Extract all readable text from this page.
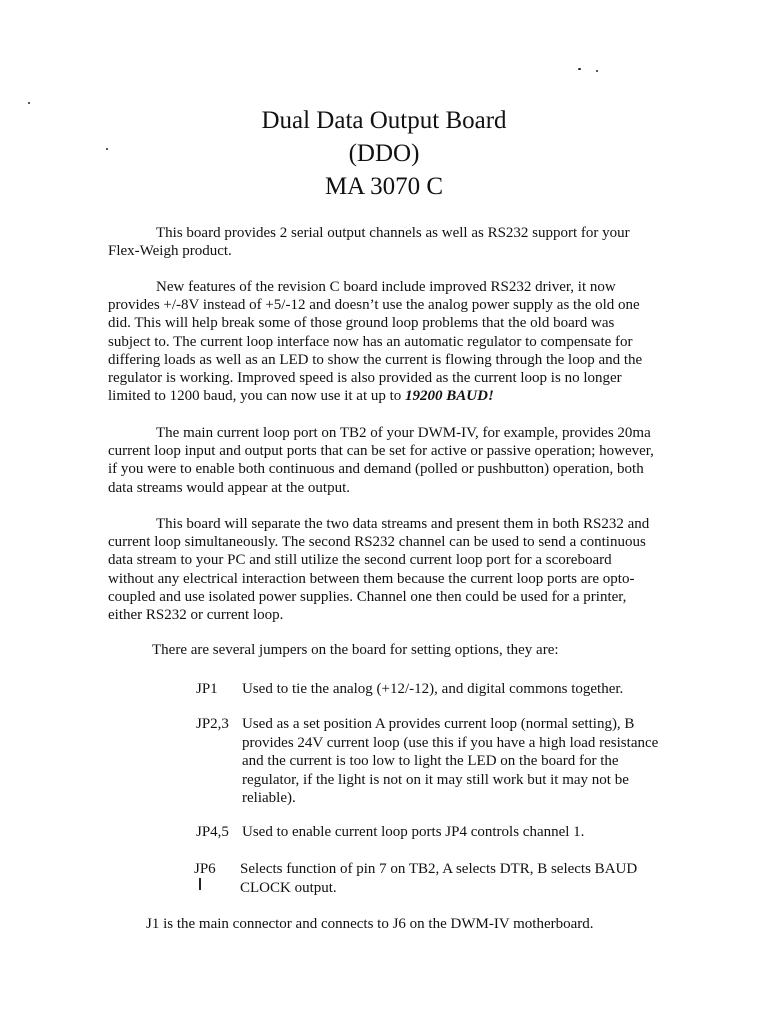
Dual Data Output Board
(DDO)
MA 3070 C
This board provides 2 serial output channels as well as RS232 support for your Flex-Weigh product.
New features of the revision C board include improved RS232 driver, it now provides +/-8V instead of +5/-12 and doesn’t use the analog power supply as the old one did. This will help break some of those ground loop problems that the old board was subject to. The current loop interface now has an automatic regulator to compensate for differing loads as well as an LED to show the current is flowing through the loop and the regulator is working. Improved speed is also provided as the current loop is no longer limited to 1200 baud, you can now use it at up to 19200 BAUD!
The main current loop port on TB2 of your DWM-IV, for example, provides 20ma current loop input and output ports that can be set for active or passive operation; however, if you were to enable both continuous and demand (polled or pushbutton) operation, both data streams would appear at the output.
This board will separate the two data streams and present them in both RS232 and current loop simultaneously. The second RS232 channel can be used to send a continuous data stream to your PC and still utilize the second current loop port for a scoreboard without any electrical interaction between them because the current loop ports are opto-coupled and use isolated power supplies. Channel one then could be used for a printer, either RS232 or current loop.
There are several jumpers on the board for setting options, they are:
JP1 Used to tie the analog (+12/-12), and digital commons together.
JP2,3 Used as a set position A provides current loop (normal setting), B provides 24V current loop (use this if you have a high load resistance and the current is too low to light the LED on the board for the regulator, if the light is not on it may still work but it may not be reliable).
JP4,5 Used to enable current loop ports JP4 controls channel 1.
JP6 Selects function of pin 7 on TB2, A selects DTR, B selects BAUD CLOCK output.
J1 is the main connector and connects to J6 on the DWM-IV motherboard.
